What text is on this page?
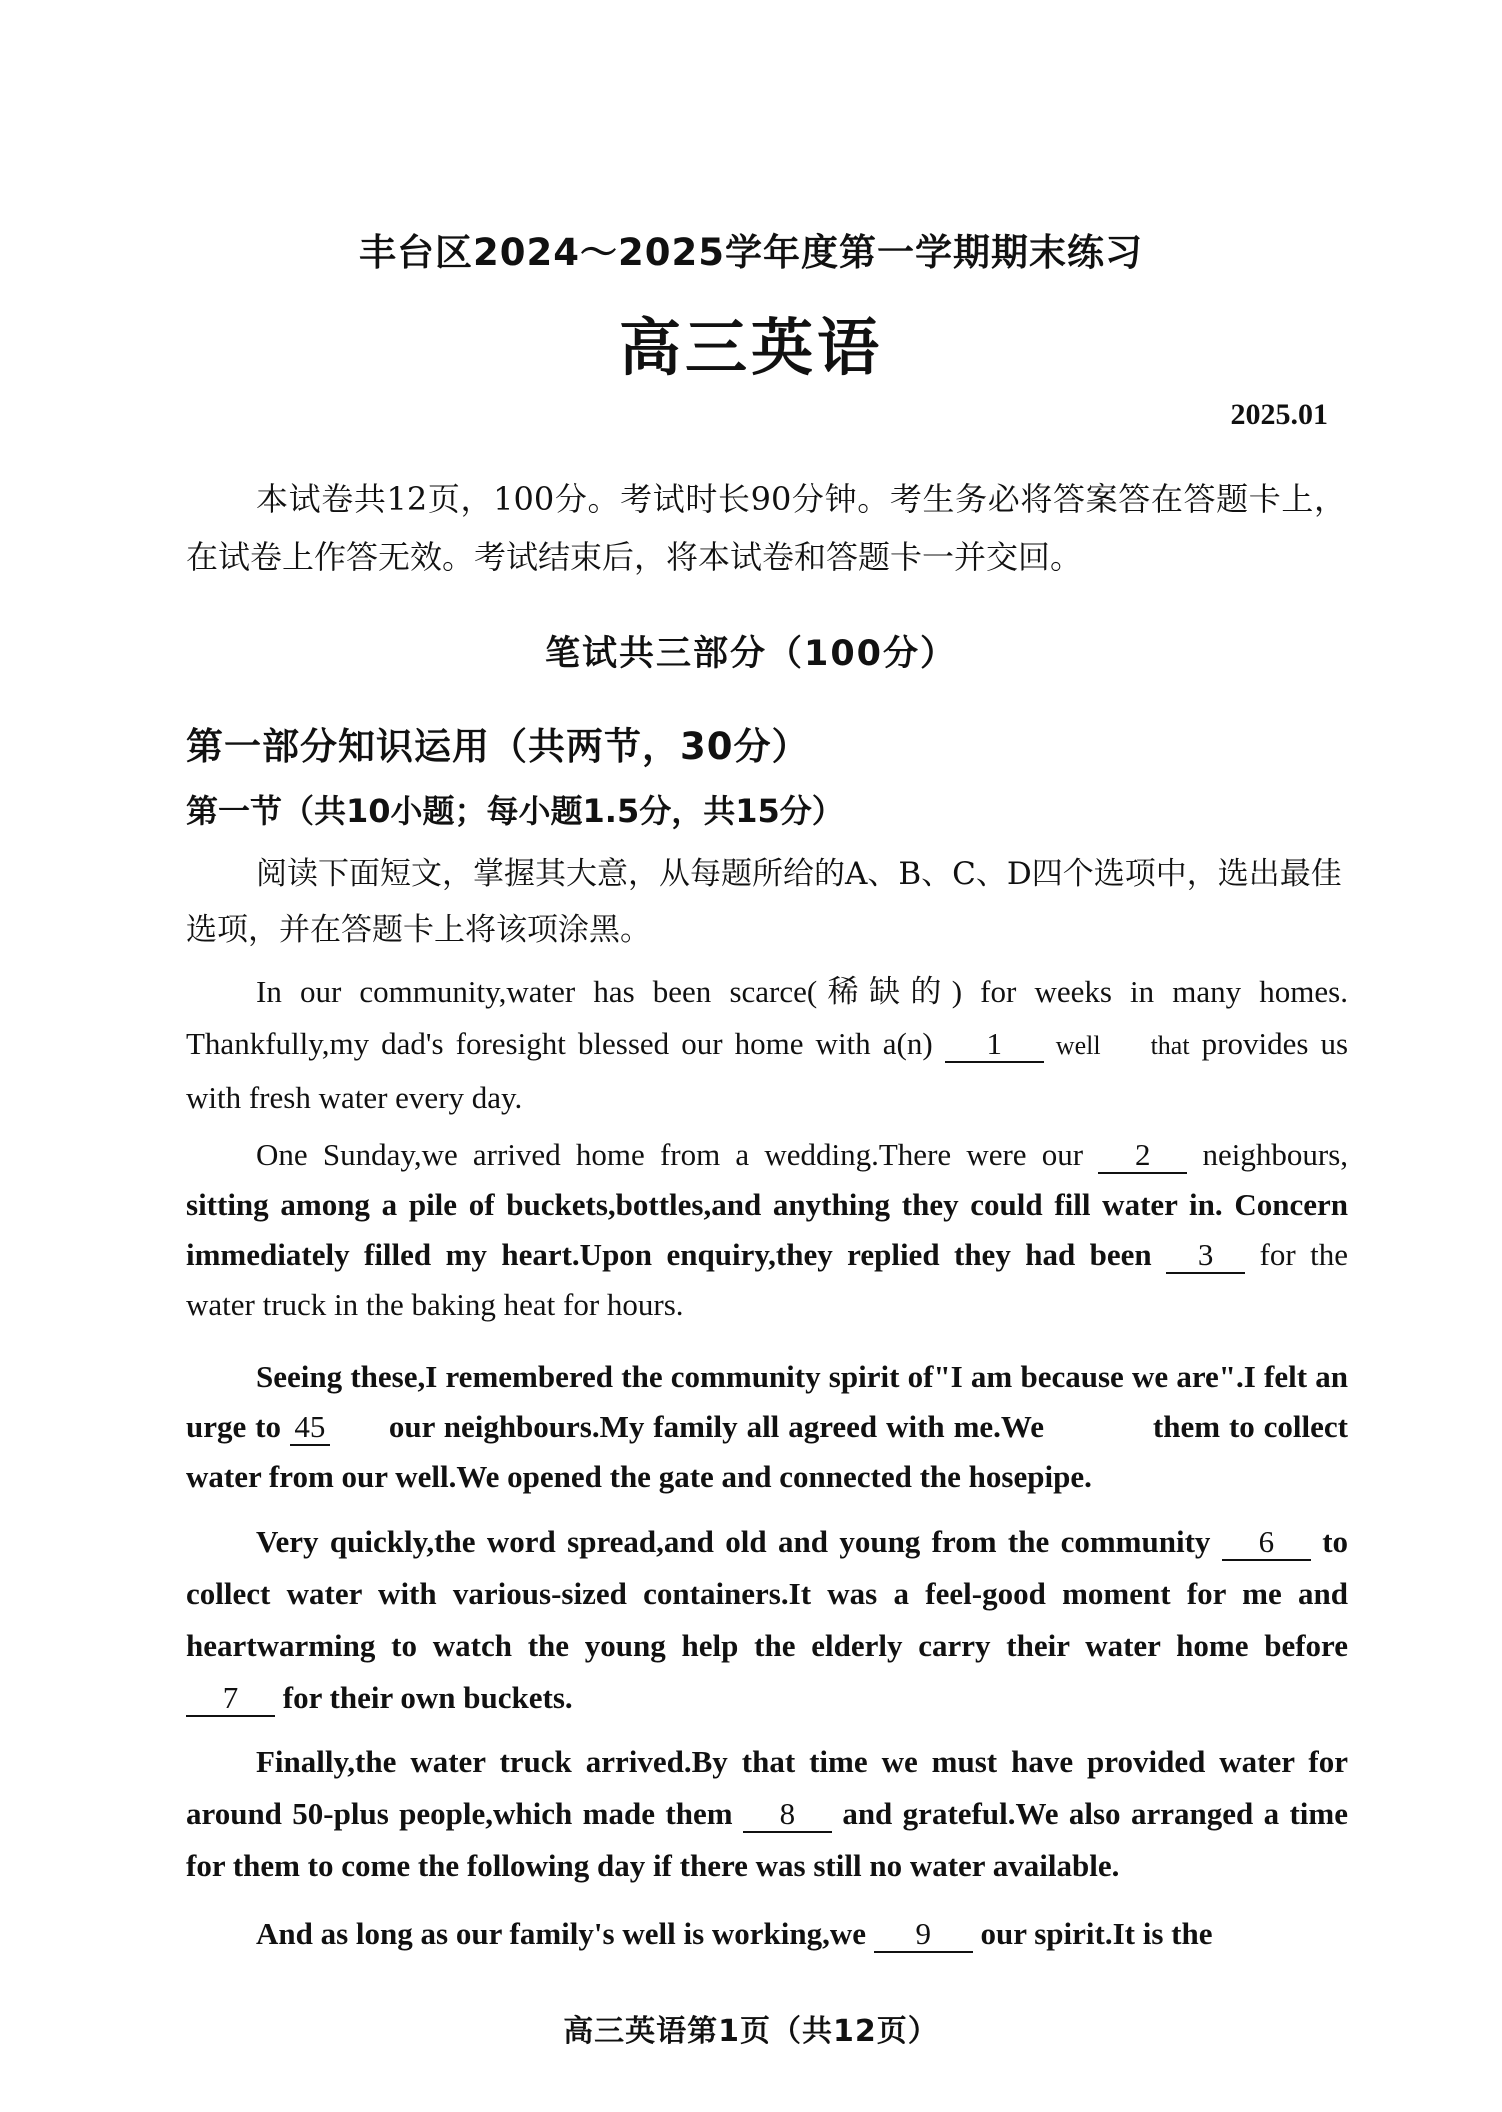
丰台区2024～2025学年度第一学期期末练习
高三英语
2025.01
本试卷共12页，100分。考试时长90分钟。考生务必将答案答在答题卡上，在试卷上作答无效。考试结束后，将本试卷和答题卡一并交回。
笔试共三部分（100分）
第一部分知识运用（共两节，30分）
第一节（共10小题；每小题1.5分，共15分）
阅读下面短文，掌握其大意，从每题所给的A、B、C、D四个选项中，选出最佳选项，并在答题卡上将该项涂黑。
In our community,water has been scarce(稀缺的) for weeks in many homes. Thankfully,my dad's foresight blessed our home with a(n) 1 well that provides us with fresh water every day.
One Sunday,we arrived home from a wedding.There were our 2 neighbours, sitting among a pile of buckets,bottles,and anything they could fill water in. Concern immediately filled my heart.Upon enquiry,they replied they had been 3 for the water truck in the baking heat for hours.
Seeing these,I remembered the community spirit of"I am because we are".I felt an urge to 45 our neighbours.My family all agreed with me.We	them to collect water from our well.We opened the gate and connected the hosepipe.
Very quickly,the word spread,and old and young from the community 6 to collect water with various-sized containers.It was a feel-good moment for me and heartwarming to watch the young help the elderly carry their water home before 7 for their own buckets.
Finally,the water truck arrived.By that time we must have provided water for around 50-plus people,which made them 8 and grateful.We also arranged a time for them to come the following day if there was still no water available.
And as long as our family's well is working,we 9 our spirit.It is the
高三英语第1页（共12页）
